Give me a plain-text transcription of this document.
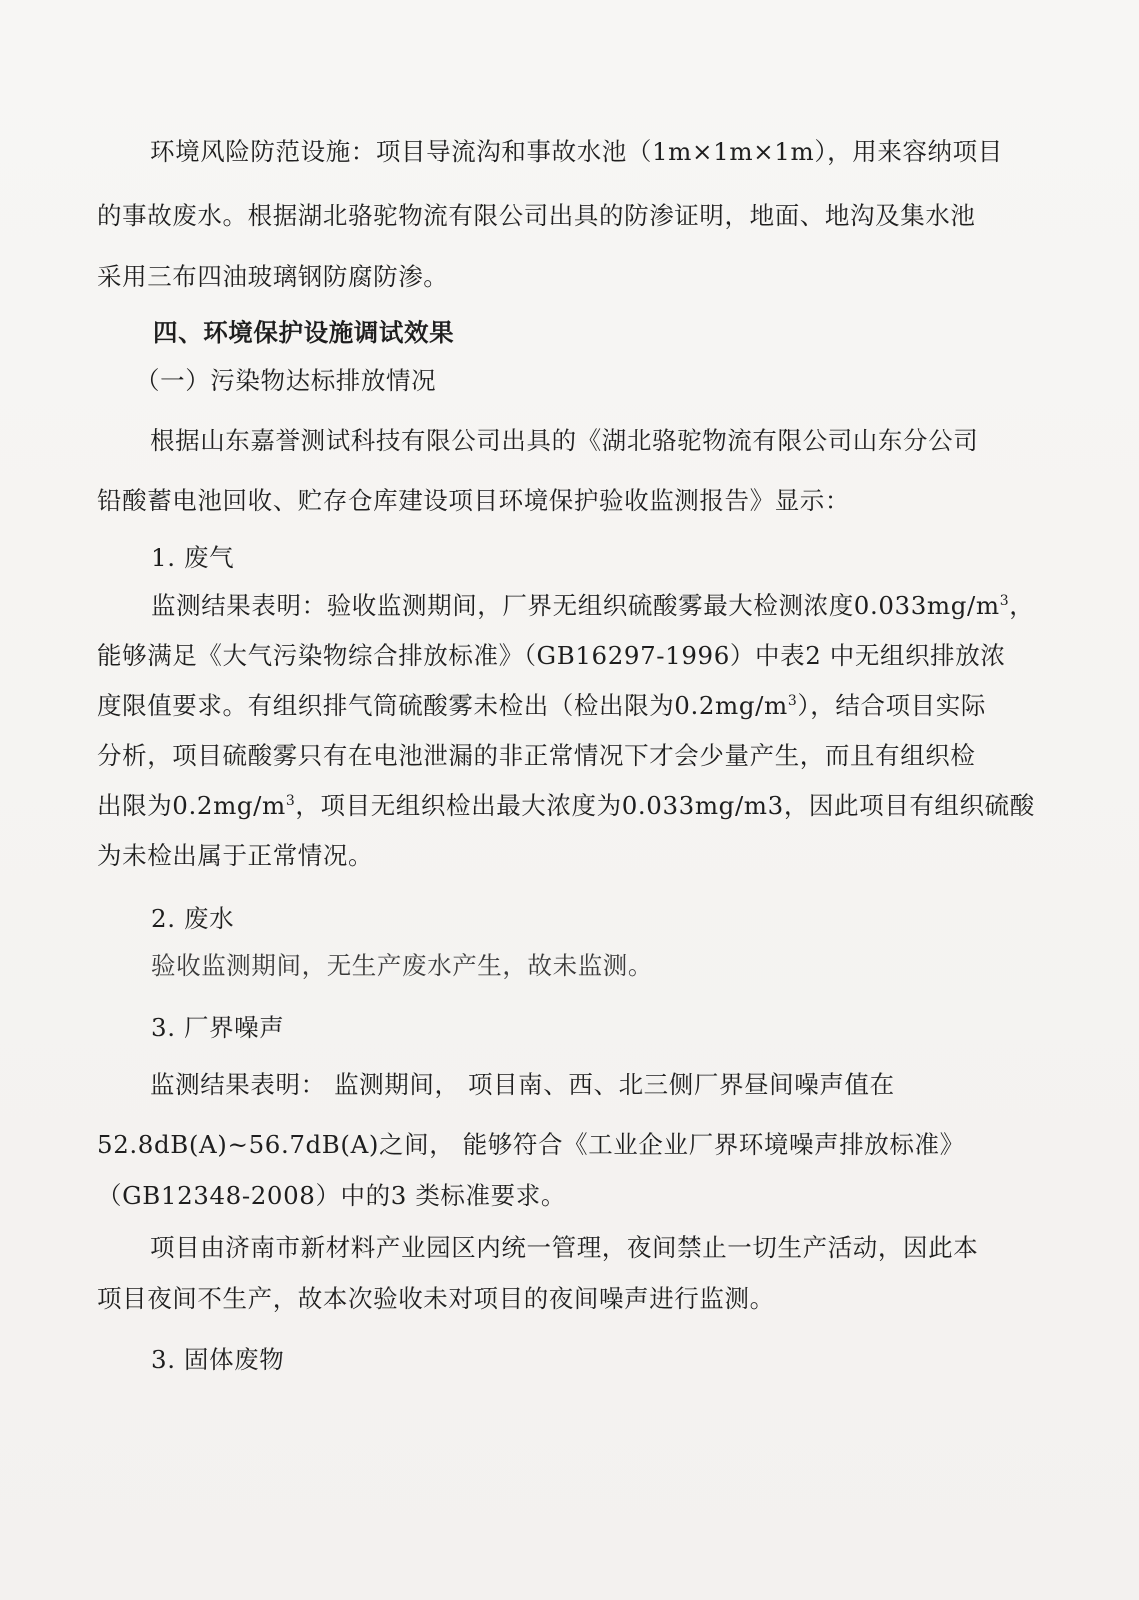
环境风险防范设施：项目导流沟和事故水池（1m×1m×1m），用来容纳项目
的事故废水。根据湖北骆驼物流有限公司出具的防渗证明，地面、地沟及集水池
采用三布四油玻璃钢防腐防渗。
四、环境保护设施调试效果
（一）污染物达标排放情况
根据山东嘉誉测试科技有限公司出具的《湖北骆驼物流有限公司山东分公司
铅酸蓄电池回收、贮存仓库建设项目环境保护验收监测报告》显示：
1. 废气
监测结果表明：验收监测期间，厂界无组织硫酸雾最大检测浓度$0.033mg/m^3$，
能够满足《大气污染物综合排放标准》（GB16297-1996）中表2 中无组织排放浓
度限值要求。有组织排气筒硫酸雾未检出（检出限为$0.2mg/m^3$），结合项目实际
分析，项目硫酸雾只有在电池泄漏的非正常情况下才会少量产生，而且有组织检
出限为$0.2mg/m^3$，项目无组织检出最大浓度为0.033mg/m3，因此项目有组织硫酸
为未检出属于正常情况。
2. 废水
验收监测期间，无生产废水产生，故未监测。
3. 厂界噪声
监测结果表明： 监测期间， 项目南、西、北三侧厂界昼间噪声值在
52.8dB(A)~56.7dB(A)之间， 能够符合《工业企业厂界环境噪声排放标准》
（GB12348-2008）中的3 类标准要求。
项目由济南市新材料产业园区内统一管理，夜间禁止一切生产活动，因此本
项目夜间不生产，故本次验收未对项目的夜间噪声进行监测。
3. 固体废物
